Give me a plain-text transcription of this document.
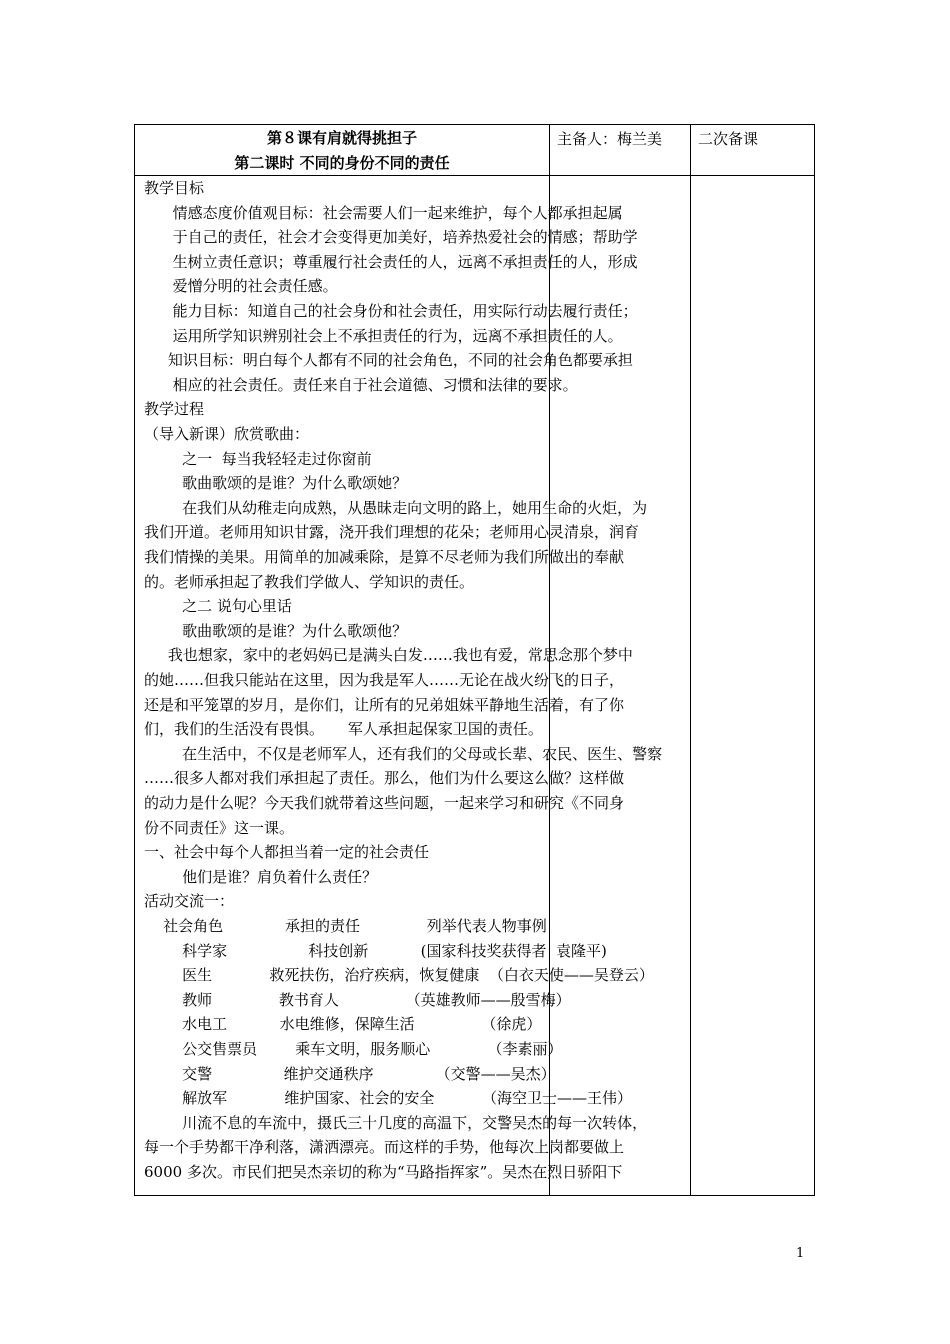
第８课有肩就得挑担子
第二课时 不同的身份不同的责任
主备人：梅兰美 二次备课
教学目标
情感态度价值观目标：社会需要人们一起来维护，每个人都承担起属
于自己的责任，社会才会变得更加美好，培养热爱社会的情感；帮助学
生树立责任意识；尊重履行社会责任的人，远离不承担责任的人，形成
爱憎分明的社会责任感。
能力目标：知道自己的社会身份和社会责任，用实际行动去履行责任；
运用所学知识辨别社会上不承担责任的行为，远离不承担责任的人。
知识目标：明白每个人都有不同的社会角色，不同的社会角色都要承担
相应的社会责任。责任来自于社会道德、习惯和法律的要求。
教学过程
（导入新课）欣赏歌曲：
之一  每当我轻轻走过你窗前
歌曲歌颂的是谁？为什么歌颂她？
在我们从幼稚走向成熟，从愚昧走向文明的路上，她用生命的火炬，为
我们开道。老师用知识甘露，浇开我们理想的花朵；老师用心灵清泉，润育
我们情操的美果。用简单的加减乘除，是算不尽老师为我们所做出的奉献
的。老师承担起了教我们学做人、学知识的责任。
之二 说句心里话
歌曲歌颂的是谁？为什么歌颂他？
我也想家，家中的老妈妈已是满头白发……我也有爱，常思念那个梦中
的她……但我只能站在这里，因为我是军人……无论在战火纷飞的日子，
还是和平笼罩的岁月，是你们，让所有的兄弟姐妹平静地生活着，有了你
们，我们的生活没有畏惧。     军人承担起保家卫国的责任。
在生活中，不仅是老师军人，还有我们的父母或长辈、农民、医生、警察
……很多人都对我们承担起了责任。那么，他们为什么要这么做？这样做
的动力是什么呢？今天我们就带着这些问题，一起来学习和研究《不同身
份不同责任》这一课。
一、社会中每个人都担当着一定的社会责任
他们是谁？肩负着什么责任？
活动交流一：
社会角色             承担的责任              列举代表人物事例
科学家                 科技创新           (国家科技奖获得者  袁隆平)
医生            救死扶伤，治疗疾病，恢复健康  （白衣天使——吴登云）
教师              教书育人              （英雄教师——殷雪梅）
水电工           水电维修，保障生活              （徐虎）
公交售票员        乘车文明，服务顺心            （李素丽）
交警               维护交通秩序             （交警——吴杰）
解放军            维护国家、社会的安全          （海空卫士——王伟）
川流不息的车流中，摄氏三十几度的高温下，交警吴杰的每一次转体，
每一个手势都干净利落，潇洒漂亮。而这样的手势，他每次上岗都要做上
6000 多次。市民们把吴杰亲切的称为“马路指挥家”。吴杰在烈日骄阳下
1
